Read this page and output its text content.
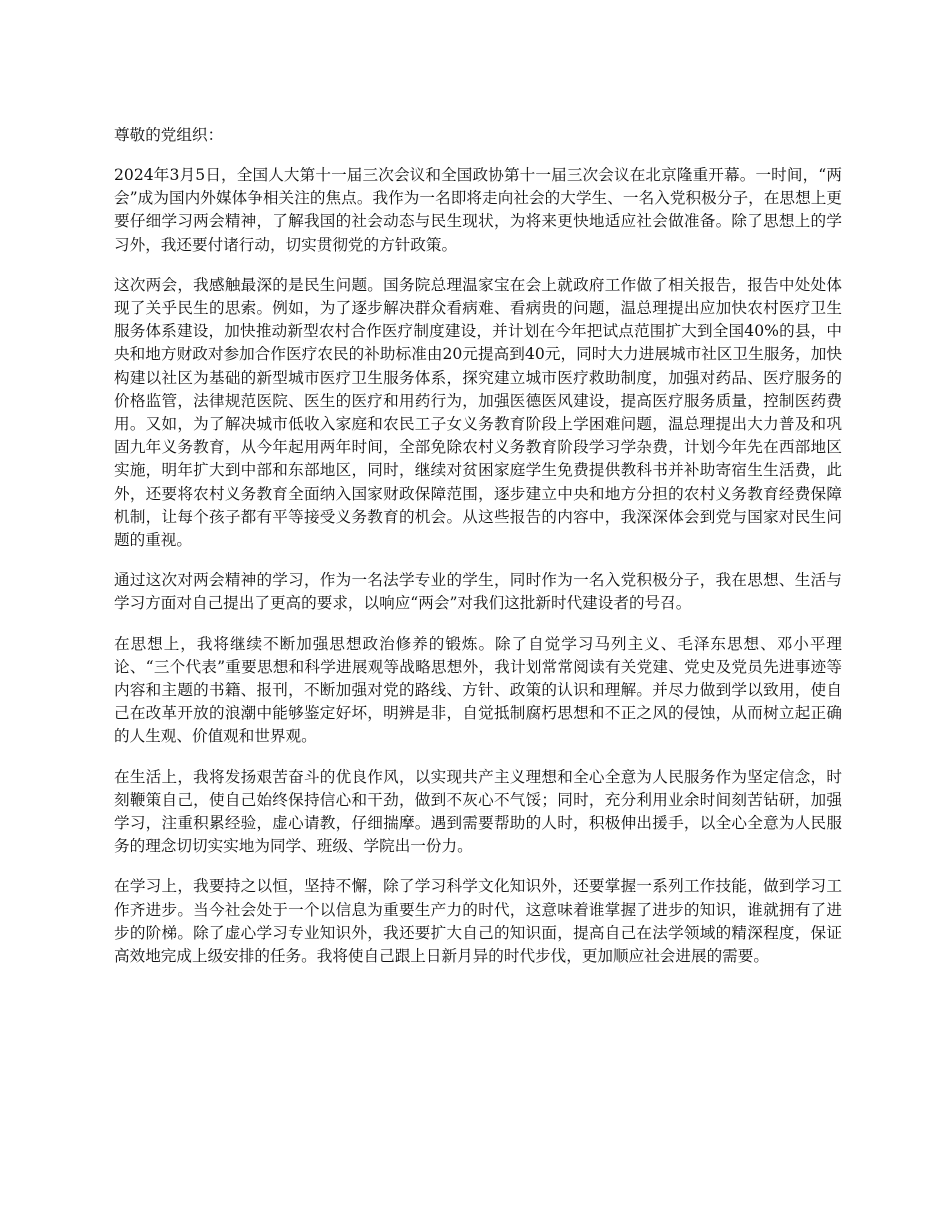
尊敬的党组织：

2024年3月5日，全国人大第十一届三次会议和全国政协第十一届三次会议在北京隆重开幕。一时间，“两会”成为国内外媒体争相关注的焦点。我作为一名即将走向社会的大学生、一名入党积极分子，在思想上更要仔细学习两会精神，了解我国的社会动态与民生现状，为将来更快地适应社会做准备。除了思想上的学习外，我还要付诸行动，切实贯彻党的方针政策。

这次两会，我感触最深的是民生问题。国务院总理温家宝在会上就政府工作做了相关报告，报告中处处体现了关乎民生的思索。例如，为了逐步解决群众看病难、看病贵的问题，温总理提出应加快农村医疗卫生服务体系建设，加快推动新型农村合作医疗制度建设，并计划在今年把试点范围扩大到全国40%的县，中央和地方财政对参加合作医疗农民的补助标准由20元提高到40元，同时大力进展城市社区卫生服务，加快构建以社区为基础的新型城市医疗卫生服务体系，探究建立城市医疗救助制度，加强对药品、医疗服务的价格监管，法律规范医院、医生的医疗和用药行为，加强医德医风建设，提高医疗服务质量，控制医药费用。又如，为了解决城市低收入家庭和农民工子女义务教育阶段上学困难问题，温总理提出大力普及和巩固九年义务教育，从今年起用两年时间，全部免除农村义务教育阶段学习学杂费，计划今年先在西部地区实施，明年扩大到中部和东部地区，同时，继续对贫困家庭学生免费提供教科书并补助寄宿生生活费，此外，还要将农村义务教育全面纳入国家财政保障范围，逐步建立中央和地方分担的农村义务教育经费保障机制，让每个孩子都有平等接受义务教育的机会。从这些报告的内容中，我深深体会到党与国家对民生问题的重视。

通过这次对两会精神的学习，作为一名法学专业的学生，同时作为一名入党积极分子，我在思想、生活与学习方面对自己提出了更高的要求，以响应“两会”对我们这批新时代建设者的号召。

在思想上，我将继续不断加强思想政治修养的锻炼。除了自觉学习马列主义、毛泽东思想、邓小平理论、“三个代表”重要思想和科学进展观等战略思想外，我计划常常阅读有关党建、党史及党员先进事迹等内容和主题的书籍、报刊，不断加强对党的路线、方针、政策的认识和理解。并尽力做到学以致用，使自己在改革开放的浪潮中能够鉴定好坏，明辨是非，自觉抵制腐朽思想和不正之风的侵蚀，从而树立起正确的人生观、价值观和世界观。

在生活上，我将发扬艰苦奋斗的优良作风，以实现共产主义理想和全心全意为人民服务作为坚定信念，时刻鞭策自己，使自己始终保持信心和干劲，做到不灰心不气馁；同时，充分利用业余时间刻苦钻研，加强学习，注重积累经验，虚心请教，仔细揣摩。遇到需要帮助的人时，积极伸出援手，以全心全意为人民服务的理念切切实实地为同学、班级、学院出一份力。

在学习上，我要持之以恒，坚持不懈，除了学习科学文化知识外，还要掌握一系列工作技能，做到学习工作齐进步。当今社会处于一个以信息为重要生产力的时代，这意味着谁掌握了进步的知识，谁就拥有了进步的阶梯。除了虚心学习专业知识外，我还要扩大自己的知识面，提高自己在法学领域的精深程度，保证高效地完成上级安排的任务。我将使自己跟上日新月异的时代步伐，更加顺应社会进展的需要。
